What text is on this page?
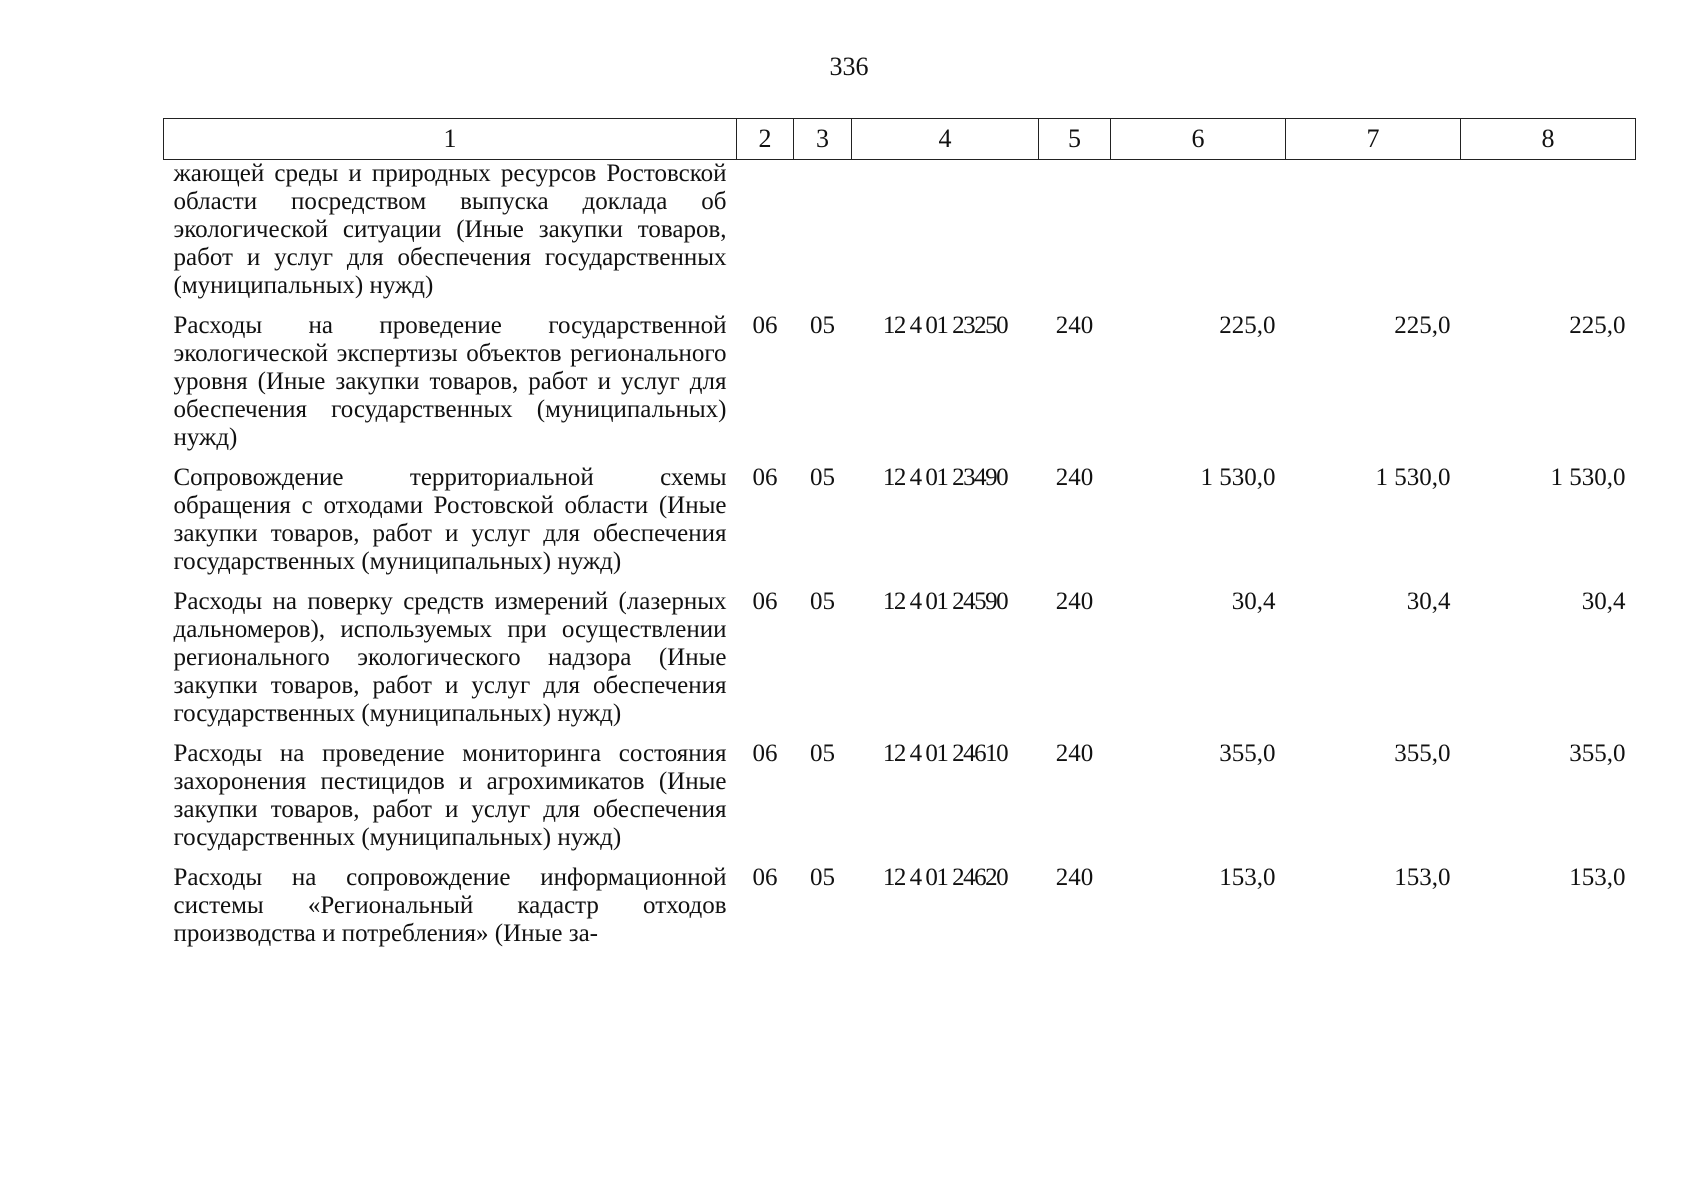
336
1	2	3	4	5	6	7	8
жающей среды и природных ресурсов Ростовской области посредством выпуска доклада об экологической ситуации (Иные закупки товаров, работ и услуг для обеспечения государственных (муниципальных) нужд)							
Расходы на проведение государственной экологической экспертизы объектов регионального уровня (Иные закупки товаров, работ и услуг для обеспечения государственных (муниципальных) нужд)	06	05	12 4 01 23250	240	225,0	225,0	225,0
Сопровождение территориальной схемы обращения с отходами Ростовской области (Иные закупки товаров, работ и услуг для обеспечения государственных (муниципальных) нужд)	06	05	12 4 01 23490	240	1 530,0	1 530,0	1 530,0
Расходы на поверку средств измерений (лазерных дальномеров), используемых при осуществлении регионального экологического надзора (Иные закупки товаров, работ и услуг для обеспечения государственных (муниципальных) нужд)	06	05	12 4 01 24590	240	30,4	30,4	30,4
Расходы на проведение мониторинга состояния захоронения пестицидов и агрохимикатов (Иные закупки товаров, работ и услуг для обеспечения государственных (муниципальных) нужд)	06	05	12 4 01 24610	240	355,0	355,0	355,0
Расходы на сопровождение информационной системы «Региональный кадастр отходов производства и потребления» (Иные за-	06	05	12 4 01 24620	240	153,0	153,0	153,0
